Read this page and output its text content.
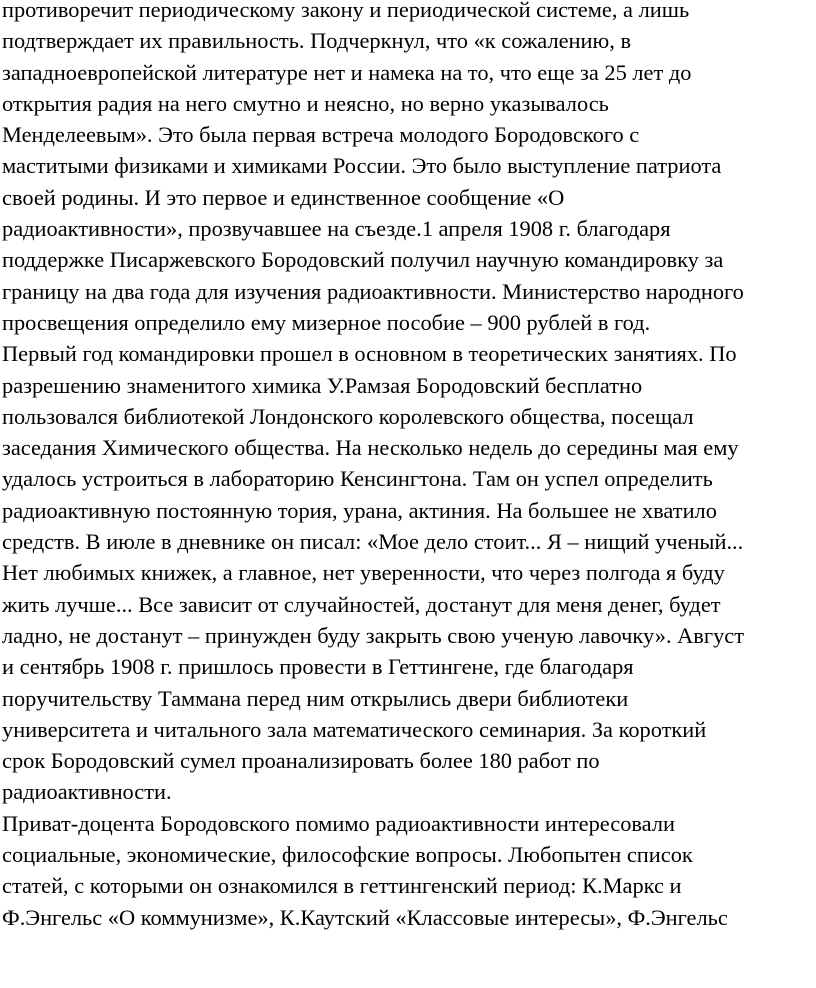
противоречит периодическому закону и периодической системе, а лишь
подтверждает их правильность. Подчеркнул, что «к сожалению, в
западноевропейской литературе нет и намека на то, что еще за 25 лет до
открытия радия на него смутно и неясно, но верно указывалось
Менделеевым». Это была первая встреча молодого Бородовского с
маститыми физиками и химиками России. Это было выступление патриота
своей родины. И это первое и единственное сообщение «О
радиоактивности», прозвучавшее на съезде.1 апреля 1908 г. благодаря
поддержке Писаржевского Бородовский получил научную командировку за
границу на два года для изучения радиоактивности. Министерство народного
просвещения определило ему мизерное пособие – 900 рублей в год.
Первый год командировки прошел в основном в теоретических занятиях. По
разрешению знаменитого химика У.Рамзая Бородовский бесплатно
пользовался библиотекой Лондонского королевского общества, посещал
заседания Химического общества. На несколько недель до середины мая ему
удалось устроиться в лабораторию Кенсингтона. Там он успел определить
радиоактивную постоянную тория, урана, актиния. На большее не хватило
средств. В июле в дневнике он писал: «Мое дело стоит... Я – нищий ученый...
Нет любимых книжек, а главное, нет уверенности, что через полгода я буду
жить лучше... Все зависит от случайностей, достанут для меня денег, будет
ладно, не достанут – принужден буду закрыть свою ученую лавочку». Август
и сентябрь 1908 г. пришлось провести в Геттингене, где благодаря
поручительству Таммана перед ним открылись двери библиотеки
университета и читального зала математического семинария. За короткий
срок Бородовский сумел проанализировать более 180 работ по
радиоактивности.
Приват-доцента Бородовского помимо радиоактивности интересовали
социальные, экономические, философские вопросы. Любопытен список
статей, с которыми он ознакомился в геттингенский период: К.Маркс и
Ф.Энгельс «О коммунизме», К.Каутский «Классовые интересы», Ф.Энгельс
